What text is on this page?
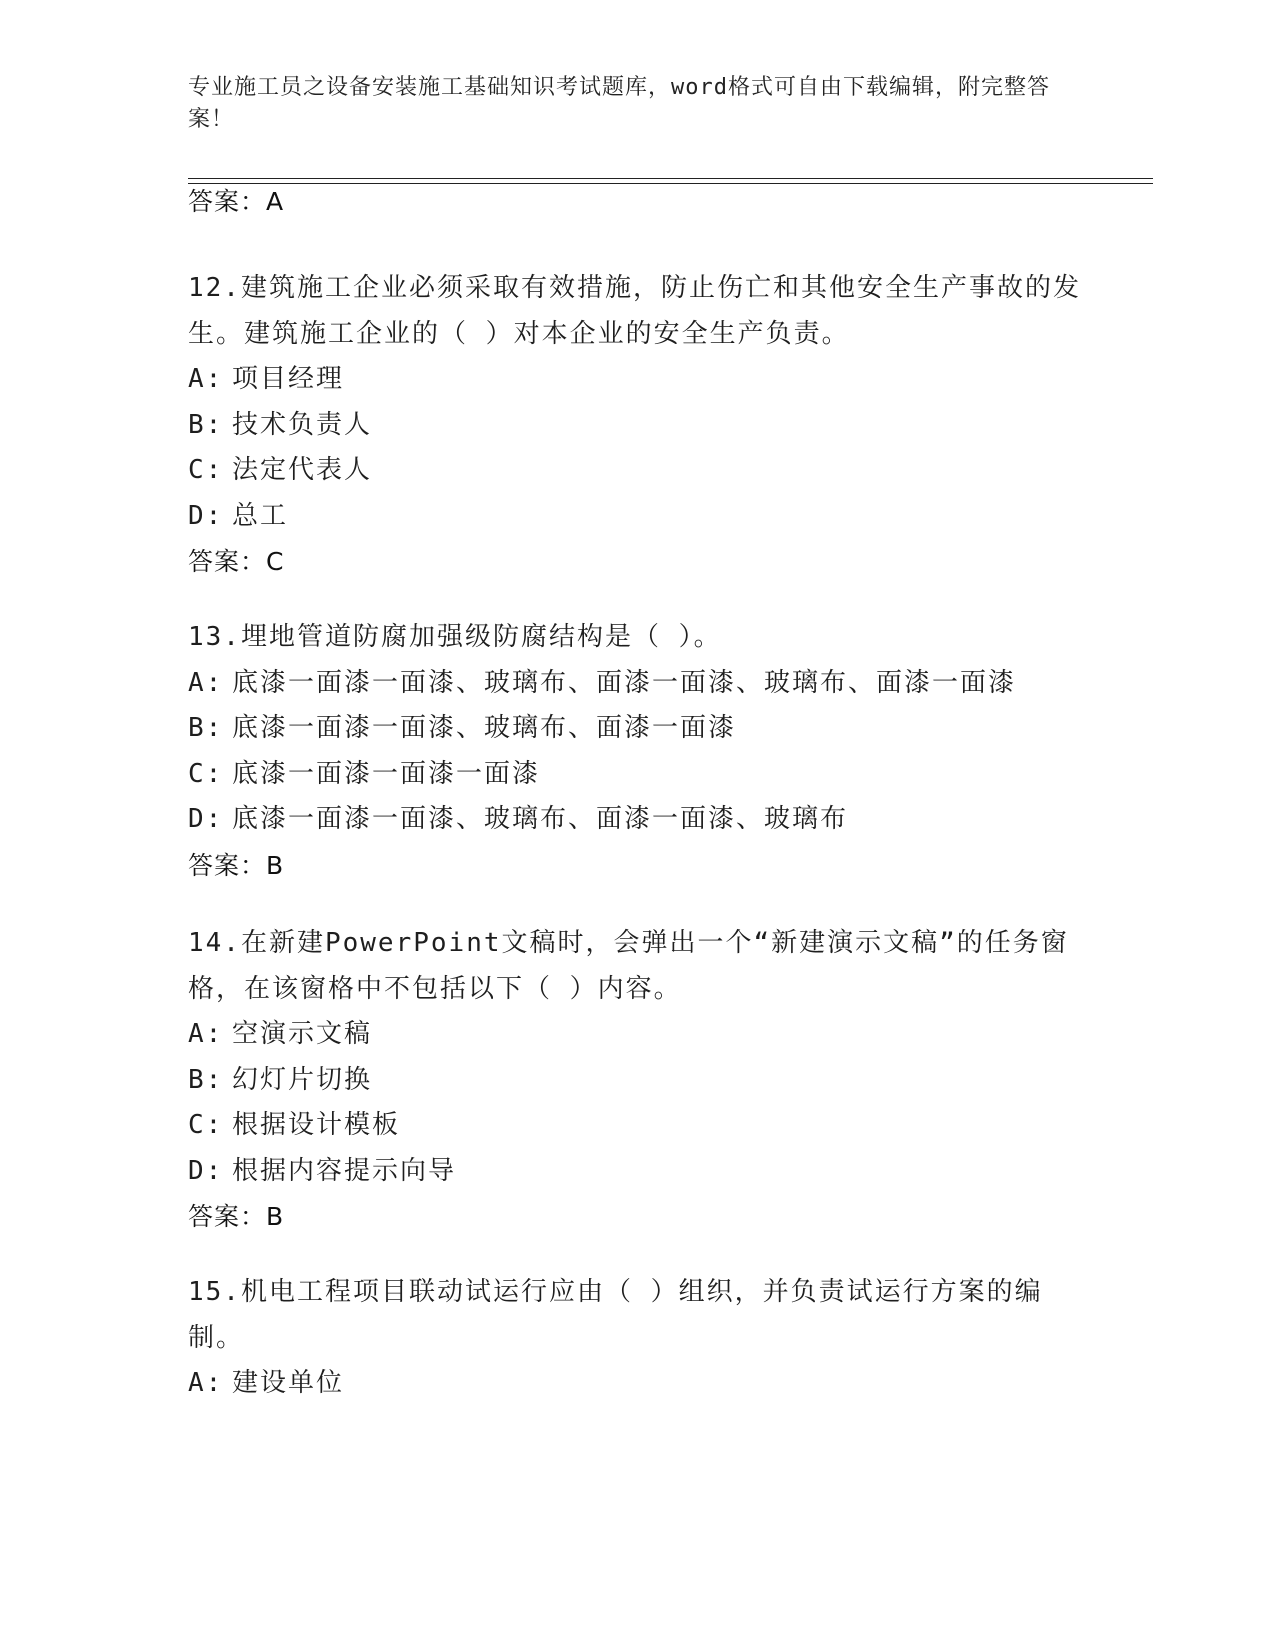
专业施工员之设备安装施工基础知识考试题库，word格式可自由下载编辑，附完整答案！
答案：A
12.建筑施工企业必须采取有效措施，防止伤亡和其他安全生产事故的发生。建筑施工企业的（ ）对本企业的安全生产负责。
A: 项目经理
B: 技术负责人
C: 法定代表人
D: 总工
答案：C
13.埋地管道防腐加强级防腐结构是（ ）。
A: 底漆一面漆一面漆、玻璃布、面漆一面漆、玻璃布、面漆一面漆
B: 底漆一面漆一面漆、玻璃布、面漆一面漆
C: 底漆一面漆一面漆一面漆
D: 底漆一面漆一面漆、玻璃布、面漆一面漆、玻璃布
答案：B
14.在新建PowerPoint文稿时，会弹出一个“新建演示文稿”的任务窗格，在该窗格中不包括以下（ ）内容。
A: 空演示文稿
B: 幻灯片切换
C: 根据设计模板
D: 根据内容提示向导
答案：B
15.机电工程项目联动试运行应由（ ）组织，并负责试运行方案的编制。
A: 建设单位
